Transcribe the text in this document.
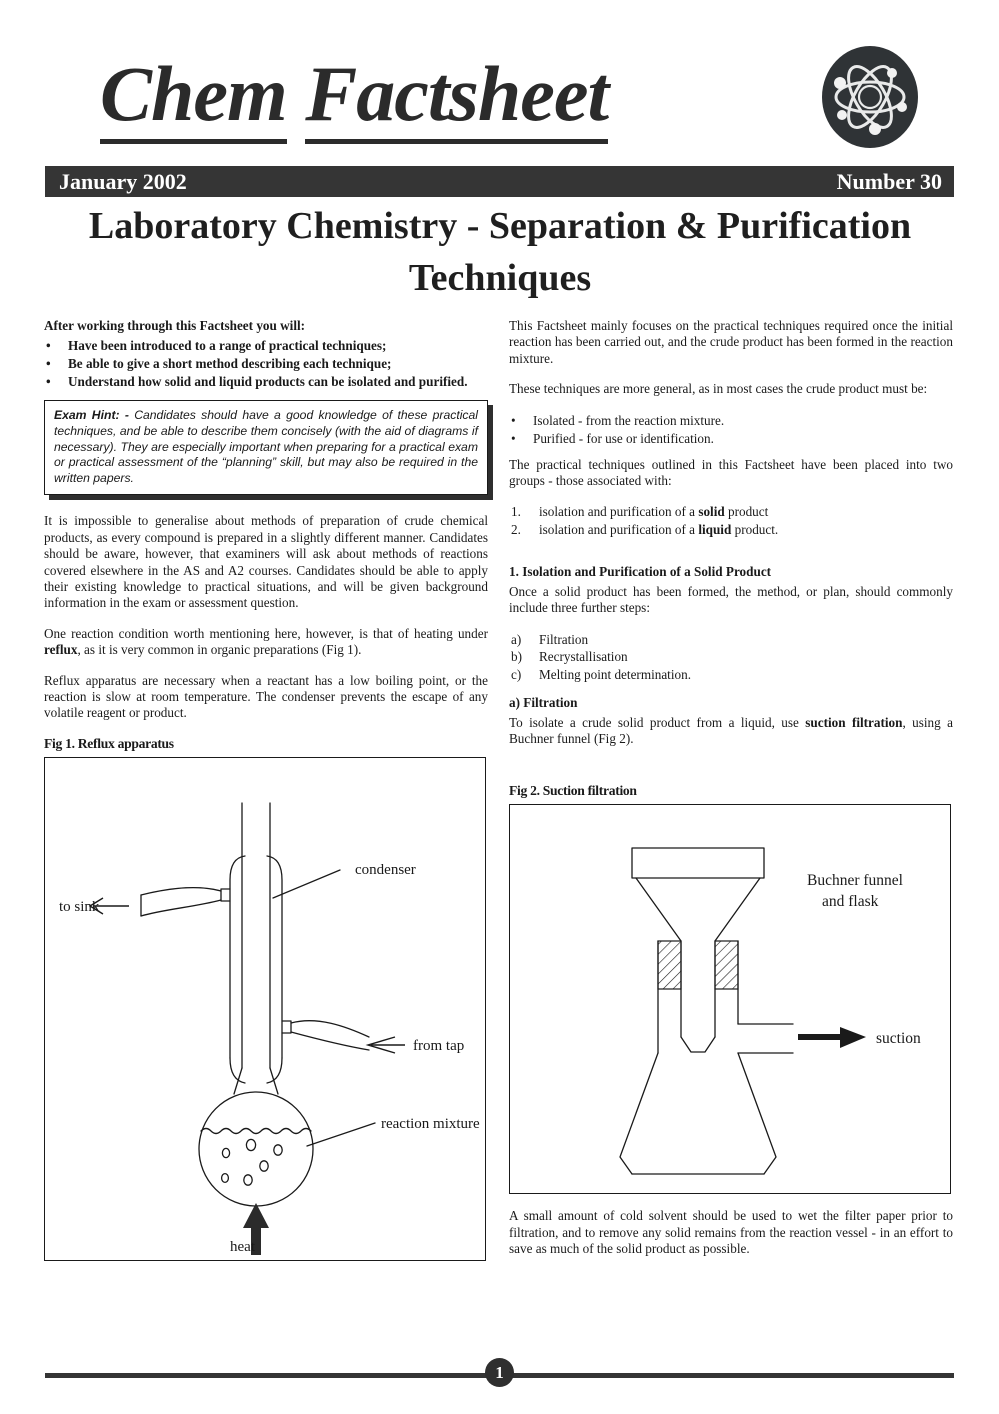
Chem Factsheet
January 2002	Number 30
Laboratory Chemistry - Separation & Purification Techniques
After working through this Factsheet you will:
• Have been introduced to a range of practical techniques;
• Be able to give a short method describing each technique;
• Understand how solid and liquid products can be isolated and purified.
Exam Hint: - Candidates should have a good knowledge of these practical techniques, and be able to describe them concisely (with the aid of diagrams if necessary). They are especially important when preparing for a practical exam or practical assessment of the “planning” skill, but may also be required in the written papers.

It is impossible to generalise about methods of preparation of crude chemical products, as every compound is prepared in a slightly different manner. Candidates should be aware, however, that examiners will ask about methods of reactions covered elsewhere in the AS and A2 courses. Candidates should be able to apply their existing knowledge to practical situations, and will be given background information in the exam or assessment question.

One reaction condition worth mentioning here, however, is that of heating under reflux, as it is very common in organic preparations (Fig 1).

Reflux apparatus are necessary when a reactant has a low boiling point, or the reaction is slow at room temperature. The condenser prevents the escape of any volatile reagent or product.

Fig 1. Reflux apparatus
condenser
to sink
from tap
reaction mixture
heat

This Factsheet mainly focuses on the practical techniques required once the initial reaction has been carried out, and the crude product has been formed in the reaction mixture.

These techniques are more general, as in most cases the crude product must be:

• Isolated - from the reaction mixture.
• Purified - for use or identification.

The practical techniques outlined in this Factsheet have been placed into two groups - those associated with:

1. isolation and purification of a solid product
2. isolation and purification of a liquid product.
1. Isolation and Purification of a Solid Product

Once a solid product has been formed, the method, or plan, should commonly include three further steps:

a) Filtration
b) Recrystallisation
c) Melting point determination.
a) Filtration

To isolate a crude solid product from a liquid, use suction filtration, using a Buchner funnel (Fig 2).

Fig 2. Suction filtration
Buchner funnel
and flask
suction

A small amount of cold solvent should be used to wet the filter paper prior to filtration, and to remove any solid remains from the reaction vessel - in an effort to save as much of the solid product as possible.

1
